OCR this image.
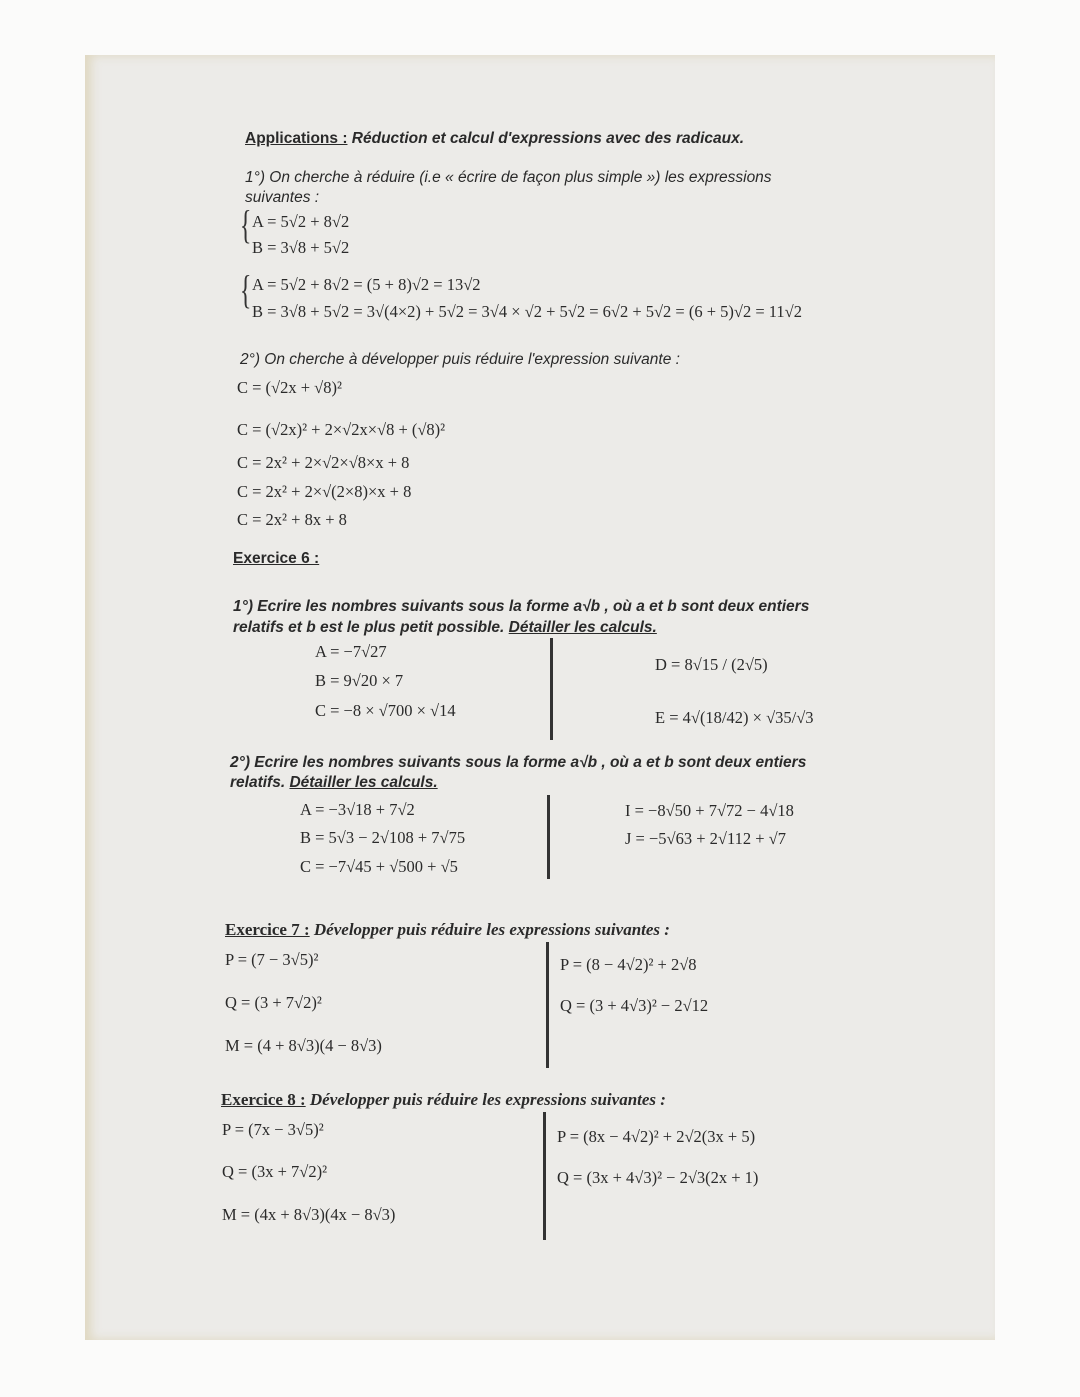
Applications : Réduction et calcul d'expressions avec des radicaux.
1°) On cherche à réduire (i.e « écrire de façon plus simple ») les expressions
suivantes :
{ A = 5√2 + 8√2
B = 3√8 + 5√2
{ A = 5√2 + 8√2 = (5 + 8)√2 = 13√2
B = 3√8 + 5√2 = 3√(4×2) + 5√2 = 3√4 × √2 + 5√2 = 6√2 + 5√2 = (6 + 5)√2 = 11√2
2°) On cherche à développer puis réduire l'expression suivante :
C = (√2x + √8)²
C = (√2x)² + 2×√2x×√8 + (√8)²
C = 2x² + 2×√2×√8×x + 8
C = 2x² + 2×√(2×8)×x + 8
C = 2x² + 8x + 8
Exercice 6 :
1°) Ecrire les nombres suivants sous la forme a√b , où a et b sont deux entiers
relatifs et b est le plus petit possible. Détailler les calculs.
A = −7√27
B = 9√20 × 7
C = −8 × √700 × √14
D = 8√15 / (2√5)
E = 4√(18/42) × √35/√3
2°) Ecrire les nombres suivants sous la forme a√b , où a et b sont deux entiers
relatifs. Détailler les calculs.
A = −3√18 + 7√2
B = 5√3 − 2√108 + 7√75
C = −7√45 + √500 + √5
I = −8√50 + 7√72 − 4√18
J = −5√63 + 2√112 + √7
Exercice 7 : Développer puis réduire les expressions suivantes :
P = (7 − 3√5)²
Q = (3 + 7√2)²
M = (4 + 8√3)(4 − 8√3)
P = (8 − 4√2)² + 2√8
Q = (3 + 4√3)² − 2√12
Exercice 8 : Développer puis réduire les expressions suivantes :
P = (7x − 3√5)²
Q = (3x + 7√2)²
M = (4x + 8√3)(4x − 8√3)
P = (8x − 4√2)² + 2√2(3x + 5)
Q = (3x + 4√3)² − 2√3(2x + 1)
